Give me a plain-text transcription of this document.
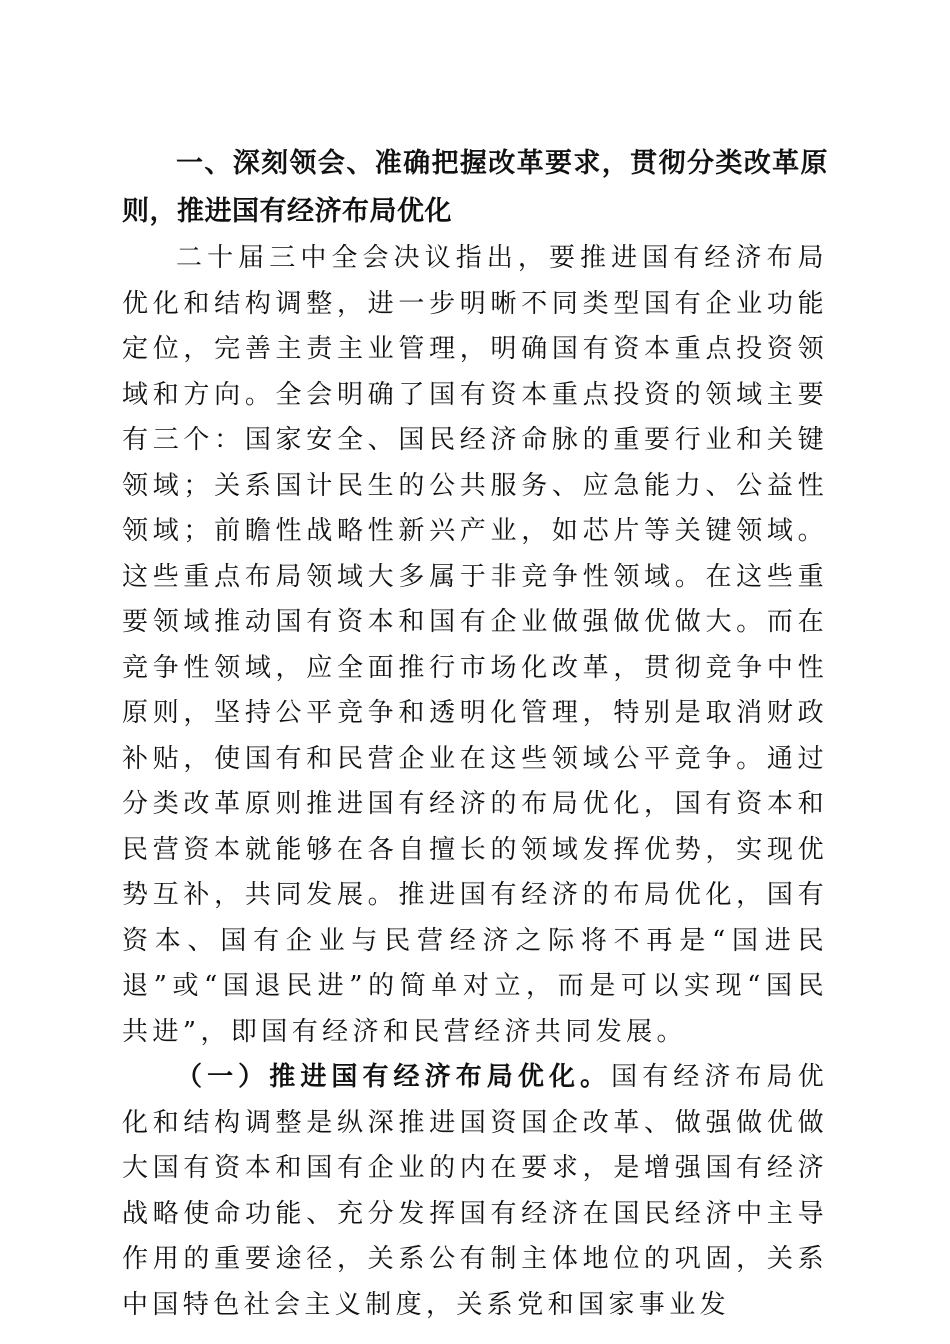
一、深刻领会、准确把握改革要求，贯彻分类改革原则，推进国有经济布局优化

二十届三中全会决议指出，要推进国有经济布局优化和结构调整，进一步明晰不同类型国有企业功能定位，完善主责主业管理，明确国有资本重点投资领域和方向。全会明确了国有资本重点投资的领域主要有三个：国家安全、国民经济命脉的重要行业和关键领域；关系国计民生的公共服务、应急能力、公益性领域；前瞻性战略性新兴产业，如芯片等关键领域。这些重点布局领域大多属于非竞争性领域。在这些重要领域推动国有资本和国有企业做强做优做大。而在竞争性领域，应全面推行市场化改革，贯彻竞争中性原则，坚持公平竞争和透明化管理，特别是取消财政补贴，使国有和民营企业在这些领域公平竞争。通过分类改革原则推进国有经济的布局优化，国有资本和民营资本就能够在各自擅长的领域发挥优势，实现优势互补，共同发展。推进国有经济的布局优化，国有资本、国有企业与民营经济之际将不再是“国进民退”或“国退民进”的简单对立，而是可以实现“国民共进”，即国有经济和民营经济共同发展。

（一）推进国有经济布局优化。国有经济布局优化和结构调整是纵深推进国资国企改革、做强做优做大国有资本和国有企业的内在要求，是增强国有经济战略使命功能、充分发挥国有经济在国民经济中主导作用的重要途径，关系公有制主体地位的巩固，关系中国特色社会主义制度，关系党和国家事业发
